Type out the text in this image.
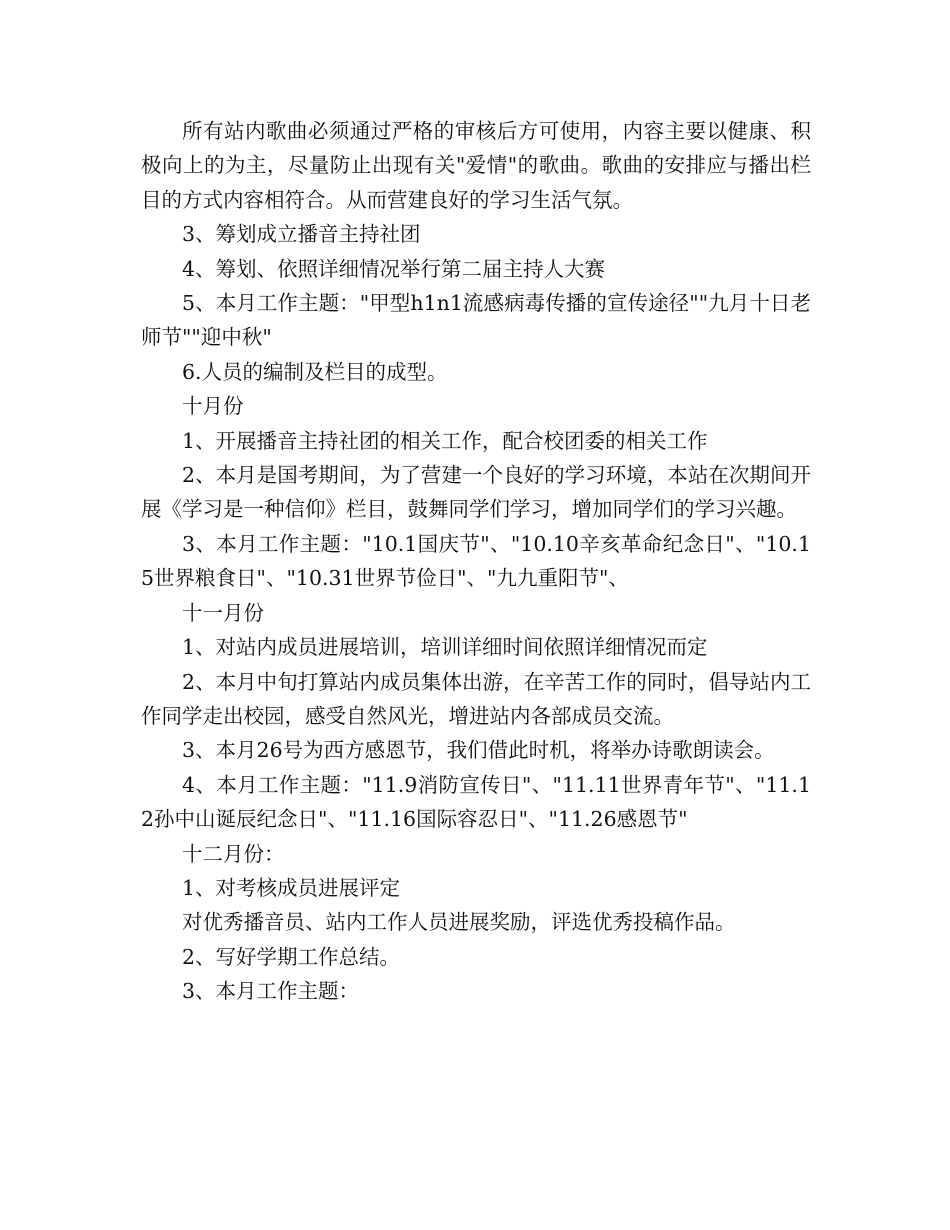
所有站内歌曲必须通过严格的审核后方可使用，内容主要以健康、积极向上的为主，尽量防止出现有关"爱情"的歌曲。歌曲的安排应与播出栏目的方式内容相符合。从而营建良好的学习生活气氛。

3、筹划成立播音主持社团

4、筹划、依照详细情况举行第二届主持人大赛

5、本月工作主题："甲型h1n1流感病毒传播的宣传途径""九月十日老师节""迎中秋"

6.人员的编制及栏目的成型。

十月份

1、开展播音主持社团的相关工作，配合校团委的相关工作

2、本月是国考期间，为了营建一个良好的学习环境，本站在次期间开展《学习是一种信仰》栏目，鼓舞同学们学习，增加同学们的学习兴趣。

3、本月工作主题："10.1国庆节"、"10.10辛亥革命纪念日"、"10.15世界粮食日"、"10.31世界节俭日"、"九九重阳节"、

十一月份

1、对站内成员进展培训，培训详细时间依照详细情况而定

2、本月中旬打算站内成员集体出游，在辛苦工作的同时，倡导站内工作同学走出校园，感受自然风光，增进站内各部成员交流。

3、本月26号为西方感恩节，我们借此时机，将举办诗歌朗读会。

4、本月工作主题："11.9消防宣传日"、"11.11世界青年节"、"11.12孙中山诞辰纪念日"、"11.16国际容忍日"、"11.26感恩节"

十二月份：

1、对考核成员进展评定

对优秀播音员、站内工作人员进展奖励，评选优秀投稿作品。

2、写好学期工作总结。

3、本月工作主题：
